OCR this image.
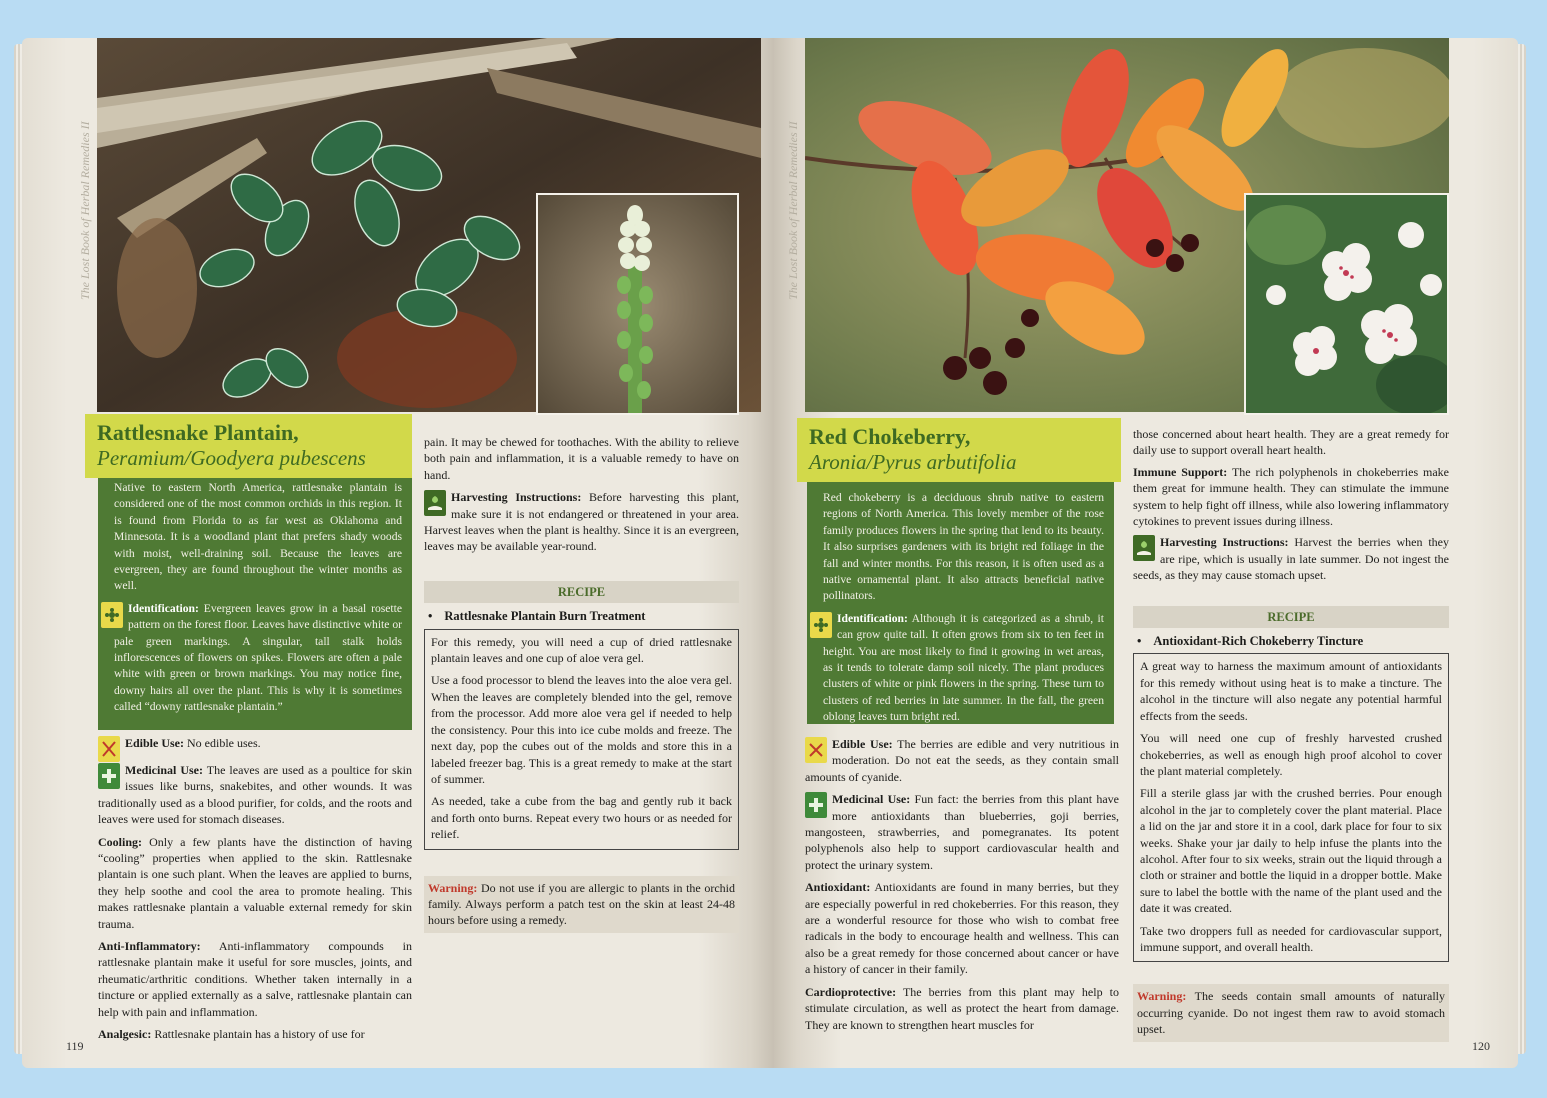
The Lost Book of Herbal Remedies II
Rattlesnake Plantain,
Peramium/Goodyera pubescens

Native to eastern North America, rattlesnake plantain is considered one of the most common orchids in this region. It is found from Florida to as far west as Oklahoma and Minnesota. It is a woodland plant that prefers shady woods with moist, well-draining soil. Because the leaves are evergreen, they are found throughout the winter months as well.

Identification: Evergreen leaves grow in a basal rosette pattern on the forest floor. Leaves have distinctive white or pale green markings. A singular, tall stalk holds inflorescences of flowers on spikes. Flowers are often a pale white with green or brown markings. You may notice fine, downy hairs all over the plant. This is why it is sometimes called “downy rattlesnake plantain.”

Edible Use: No edible uses.

Medicinal Use: The leaves are used as a poultice for skin issues like burns, snakebites, and other wounds. It was traditionally used as a blood purifier, for colds, and the roots and leaves were used for stomach diseases.

Cooling: Only a few plants have the distinction of having “cooling” properties when applied to the skin. Rattlesnake plantain is one such plant. When the leaves are applied to burns, they help soothe and cool the area to promote healing. This makes rattlesnake plantain a valuable external remedy for skin trauma.

Anti-Inflammatory: Anti-inflammatory compounds in rattlesnake plantain make it useful for sore muscles, joints, and rheumatic/arthritic conditions. Whether taken internally in a tincture or applied externally as a salve, rattlesnake plantain can help with pain and inflammation.

Analgesic: Rattlesnake plantain has a history of use for

pain. It may be chewed for toothaches. With the ability to relieve both pain and inflammation, it is a valuable remedy to have on hand.

Harvesting Instructions: Before harvesting this plant, make sure it is not endangered or threatened in your area. Harvest leaves when the plant is healthy. Since it is an evergreen, leaves may be available year-round.

RECIPE
• Rattlesnake Plantain Burn Treatment

For this remedy, you will need a cup of dried rattlesnake plantain leaves and one cup of aloe vera gel.

Use a food processor to blend the leaves into the aloe vera gel. When the leaves are completely blended into the gel, remove from the processor. Add more aloe vera gel if needed to help the consistency. Pour this into ice cube molds and freeze. The next day, pop the cubes out of the molds and store this in a labeled freezer bag. This is a great remedy to make at the start of summer.

As needed, take a cube from the bag and gently rub it back and forth onto burns. Repeat every two hours or as needed for relief.

Warning: Do not use if you are allergic to plants in the orchid family. Always perform a patch test on the skin at least 24-48 hours before using a remedy.
119
The Lost Book of Herbal Remedies II
Red Chokeberry,
Aronia/Pyrus arbutifolia

Red chokeberry is a deciduous shrub native to eastern regions of North America. This lovely member of the rose family produces flowers in the spring that lend to its beauty. It also surprises gardeners with its bright red foliage in the fall and winter months. For this reason, it is often used as a native ornamental plant. It also attracts beneficial native pollinators.

Identification: Although it is categorized as a shrub, it can grow quite tall. It often grows from six to ten feet in height. You are most likely to find it growing in wet areas, as it tends to tolerate damp soil nicely. The plant produces clusters of white or pink flowers in the spring. These turn to clusters of red berries in late summer. In the fall, the green oblong leaves turn bright red.

Edible Use: The berries are edible and very nutritious in moderation. Do not eat the seeds, as they contain small amounts of cyanide.

Medicinal Use: Fun fact: the berries from this plant have more antioxidants than blueberries, goji berries, mangosteen, strawberries, and pomegranates. Its potent polyphenols also help to support cardiovascular health and protect the urinary system.

Antioxidant: Antioxidants are found in many berries, but they are especially powerful in red chokeberries. For this reason, they are a wonderful resource for those who wish to combat free radicals in the body to encourage health and wellness. This can also be a great remedy for those concerned about cancer or have a history of cancer in their family.

Cardioprotective: The berries from this plant may help to stimulate circulation, as well as protect the heart from damage. They are known to strengthen heart muscles for

those concerned about heart health. They are a great remedy for daily use to support overall heart health.

Immune Support: The rich polyphenols in chokeberries make them great for immune health. They can stimulate the immune system to help fight off illness, while also lowering inflammatory cytokines to prevent issues during illness.

Harvesting Instructions: Harvest the berries when they are ripe, which is usually in late summer. Do not ingest the seeds, as they may cause stomach upset.

RECIPE
• Antioxidant-Rich Chokeberry Tincture

A great way to harness the maximum amount of antioxidants for this remedy without using heat is to make a tincture. The alcohol in the tincture will also negate any potential harmful effects from the seeds.

You will need one cup of freshly harvested crushed chokeberries, as well as enough high proof alcohol to cover the plant material completely.

Fill a sterile glass jar with the crushed berries. Pour enough alcohol in the jar to completely cover the plant material. Place a lid on the jar and store it in a cool, dark place for four to six weeks. Shake your jar daily to help infuse the plants into the alcohol. After four to six weeks, strain out the liquid through a cloth or strainer and bottle the liquid in a dropper bottle. Make sure to label the bottle with the name of the plant used and the date it was created.

Take two droppers full as needed for cardiovascular support, immune support, and overall health.

Warning: The seeds contain small amounts of naturally occurring cyanide. Do not ingest them raw to avoid stomach upset.
120
